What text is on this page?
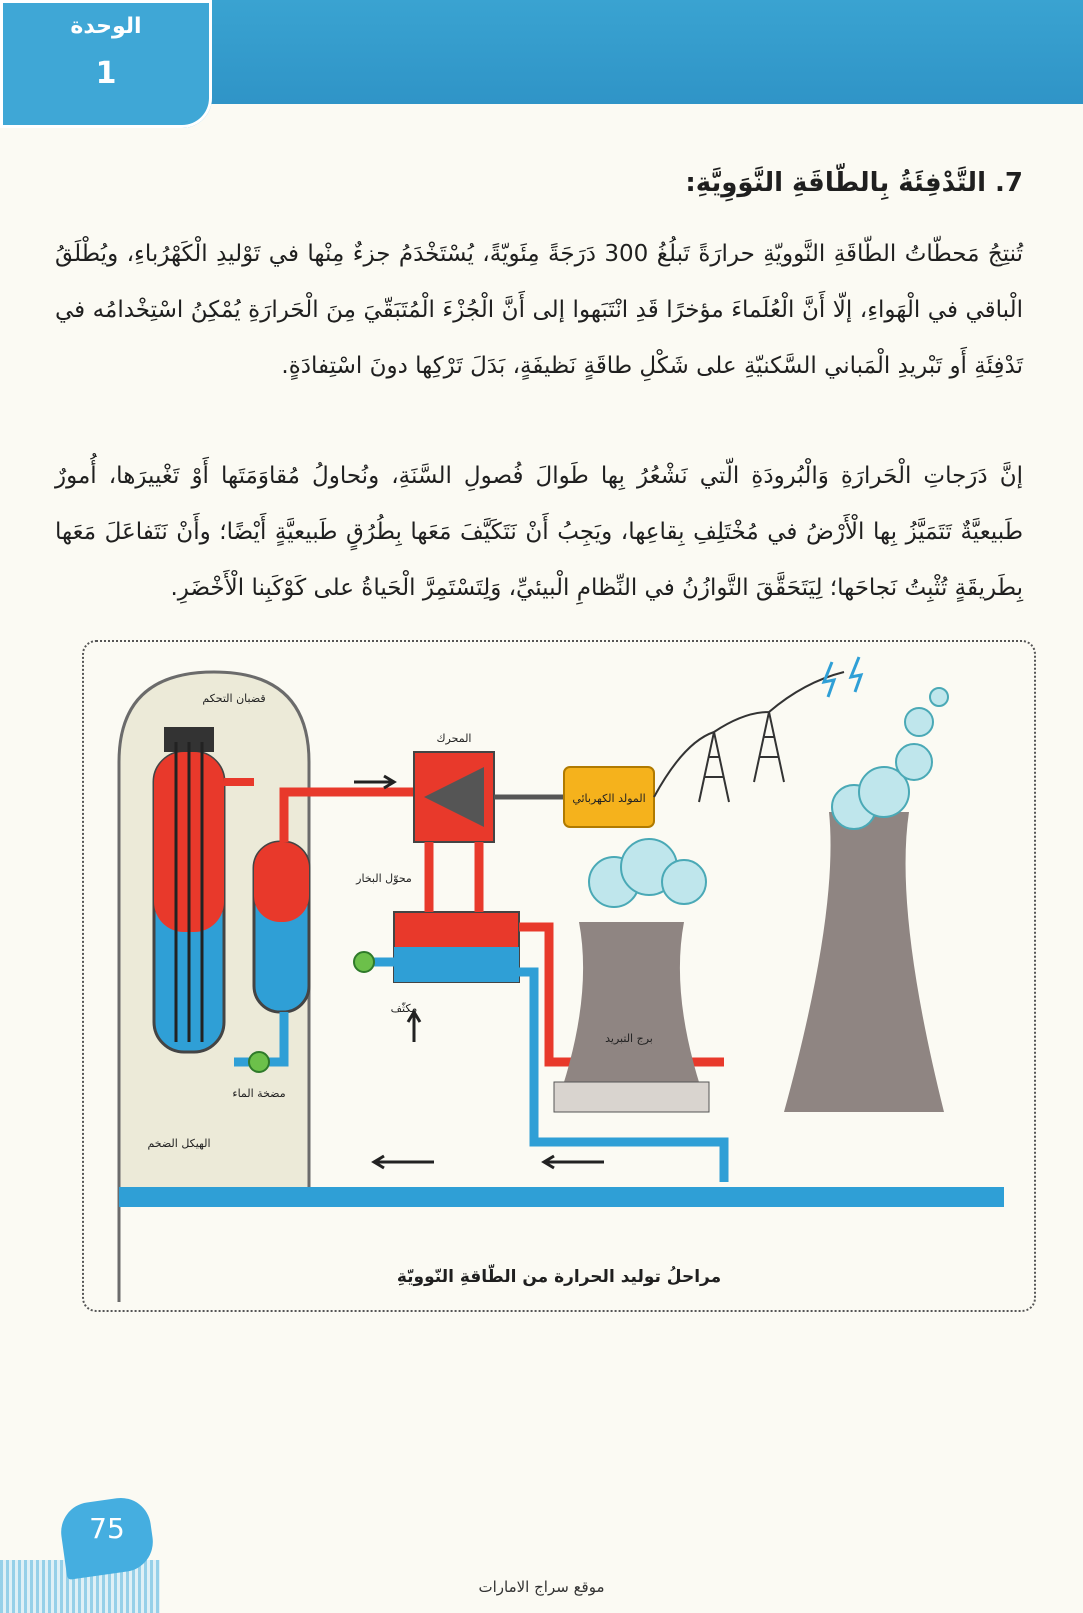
الوحدة
1
7. التَّدْفِئَةُ بِالطّاقَةِ النَّوَوِيَّةِ:
تُنتِجُ مَحطّاتُ الطّاقَةِ النَّوويّةِ حرارَةً تَبلُغُ 300 دَرَجَةً مِئَويّةً، يُسْتَخْدَمُ جزءٌ مِنْها في تَوْليدِ الْكَهْرُباءِ، ويُطْلَقُ الْباقي في الْهَواءِ، إلّا أَنَّ الْعُلَماءَ مؤخرًا قَدِ انْتَبَهوا إلى أَنَّ الْجُزْءَ الْمُتَبَقّيَ مِنَ الْحَرارَةِ يُمْكِنُ اسْتِخْدامُه في تَدْفِئَةِ أَو تَبْريدِ الْمَباني السَّكنيّةِ على شَكْلِ طاقَةٍ نَظيفَةٍ، بَدَلَ تَرْكِها دونَ اسْتِفادَةٍ.
إنَّ دَرَجاتِ الْحَرارَةِ وَالْبُرودَةِ الّتي نَشْعُرُ بِها طَوالَ فُصولِ السَّنَةِ، ونُحاولُ مُقاوَمَتَها أَوْ تَغْييرَها، أُمورٌ طَبيعيَّةٌ تَتَمَيَّزُ بِها الْأَرْضُ في مُخْتَلِفِ بِقاعِها، ويَجِبُ أَنْ نَتَكَيَّفَ مَعَها بِطُرُقٍ طَبيعيَّةٍ أَيْضًا؛ وأَنْ نَتَفاعَلَ مَعَها بِطَريقَةٍ تُثْبِتُ نَجاحَها؛ لِيَتَحَقَّقَ التَّوازُنُ في النِّظامِ الْبيئيِّ، وَلِتَسْتَمِرَّ الْحَياةُ على كَوْكَبِنا الْأَخْضَرِ.
قضبان التحكم
المحرك
المولد الكهربائي
محوّل البخار
مكثّف
برج التبريد
مضخة الماء
الهيكل الضخم
مراحلُ توليد الحرارة من الطّاقةِ النّوويّةِ
75
موقع سراج الامارات
